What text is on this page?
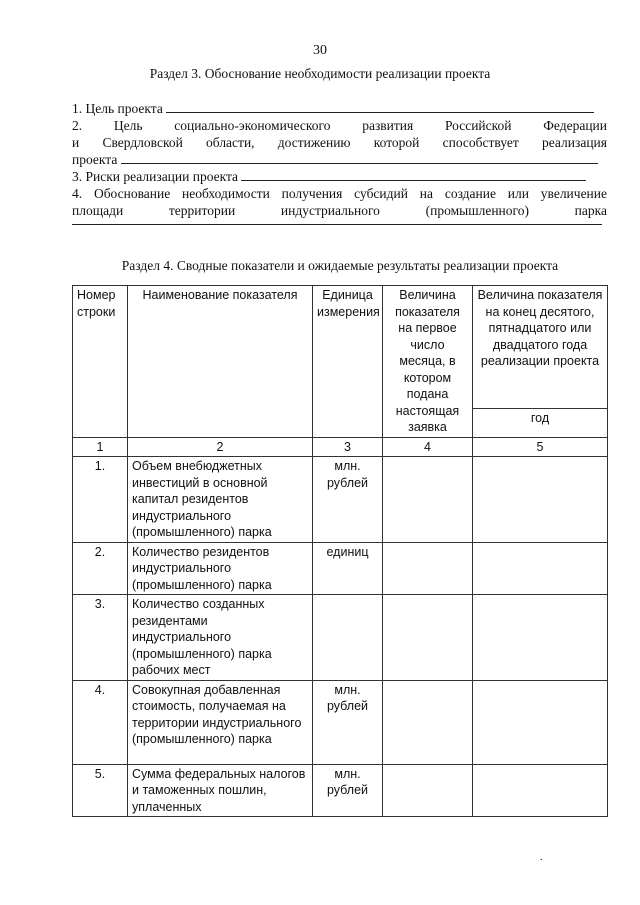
30
Раздел 3. Обоснование необходимости реализации проекта
1. Цель проекта
2. Цель социально-экономического развития Российской Федерации
и Свердловской области, достижению которой способствует реализация
проекта
3. Риски реализации проекта
4. Обоснование необходимости получения субсидий на создание или увеличение
площади территории индустриального (промышленного) парка
Раздел 4. Сводные показатели и ожидаемые результаты реализации проекта
Номер строки	Наименование показателя	Единица измерения	Величина показателя на первое число месяца, в котором подана настоящая заявка	Величина показателя на конец десятого, пятнадцатого или двадцатого года реализации проекта
				год
1	2	3	4	5
1.	Объем внебюджетных инвестиций в основной капитал резидентов индустриального (промышленного) парка	млн. рублей		
2.	Количество резидентов индустриального (промышленного) парка	единиц		
3.	Количество созданных резидентами индустриального (промышленного) парка рабочих мест			
4.	Совокупная добавленная стоимость, получаемая на территории индустриального (промышленного) парка	млн. рублей		
5.	Сумма федеральных налогов и таможенных пошлин, уплаченных	млн. рублей		
.
